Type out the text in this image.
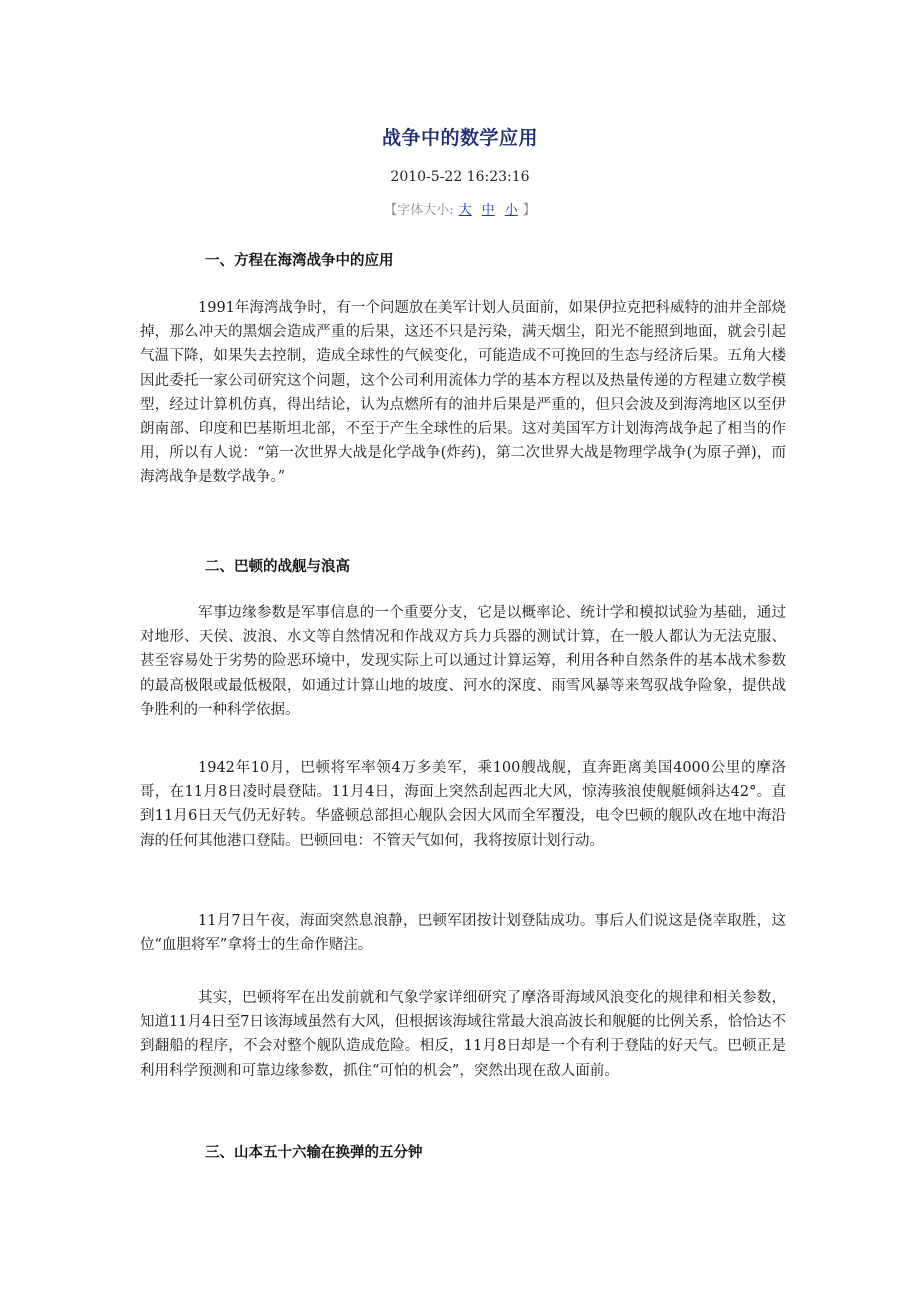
战争中的数学应用
2010-5-22 16:23:16
【字体大小: 大 中 小 】
一、方程在海湾战争中的应用
1991年海湾战争时，有一个问题放在美军计划人员面前，如果伊拉克把科威特的油井全部烧掉，那么冲天的黑烟会造成严重的后果，这还不只是污染，满天烟尘，阳光不能照到地面，就会引起气温下降，如果失去控制，造成全球性的气候变化，可能造成不可挽回的生态与经济后果。五角大楼因此委托一家公司研究这个问题，这个公司利用流体力学的基本方程以及热量传递的方程建立数学模型，经过计算机仿真，得出结论，认为点燃所有的油井后果是严重的，但只会波及到海湾地区以至伊朗南部、印度和巴基斯坦北部，不至于产生全球性的后果。这对美国军方计划海湾战争起了相当的作用，所以有人说：“第一次世界大战是化学战争(炸药)，第二次世界大战是物理学战争(为原子弹)，而海湾战争是数学战争。”
二、巴顿的战舰与浪高
军事边缘参数是军事信息的一个重要分支，它是以概率论、统计学和模拟试验为基础，通过对地形、天侯、波浪、水文等自然情况和作战双方兵力兵器的测试计算，在一般人都认为无法克服、甚至容易处于劣势的险恶环境中，发现实际上可以通过计算运筹，利用各种自然条件的基本战术参数的最高极限或最低极限，如通过计算山地的坡度、河水的深度、雨雪风暴等来驾驭战争险象，提供战争胜利的一种科学依据。
1942年10月，巴顿将军率领4万多美军，乘100艘战舰，直奔距离美国4000公里的摩洛哥，在11月8日凌时晨登陆。11月4日，海面上突然刮起西北大风，惊涛骇浪使舰艇倾斜达42°。直到11月6日天气仍无好转。华盛顿总部担心舰队会因大风而全军覆没，电令巴顿的舰队改在地中海沿海的任何其他港口登陆。巴顿回电：不管天气如何，我将按原计划行动。
11月7日午夜，海面突然息浪静，巴顿军团按计划登陆成功。事后人们说这是侥幸取胜，这位“血胆将军”拿将士的生命作赌注。
其实，巴顿将军在出发前就和气象学家详细研究了摩洛哥海域风浪变化的规律和相关参数，知道11月4日至7日该海域虽然有大风，但根据该海域往常最大浪高波长和舰艇的比例关系，恰恰达不到翻船的程序，不会对整个舰队造成危险。相反，11月8日却是一个有利于登陆的好天气。巴顿正是利用科学预测和可靠边缘参数，抓住“可怕的机会”，突然出现在敌人面前。
三、山本五十六输在换弹的五分钟
